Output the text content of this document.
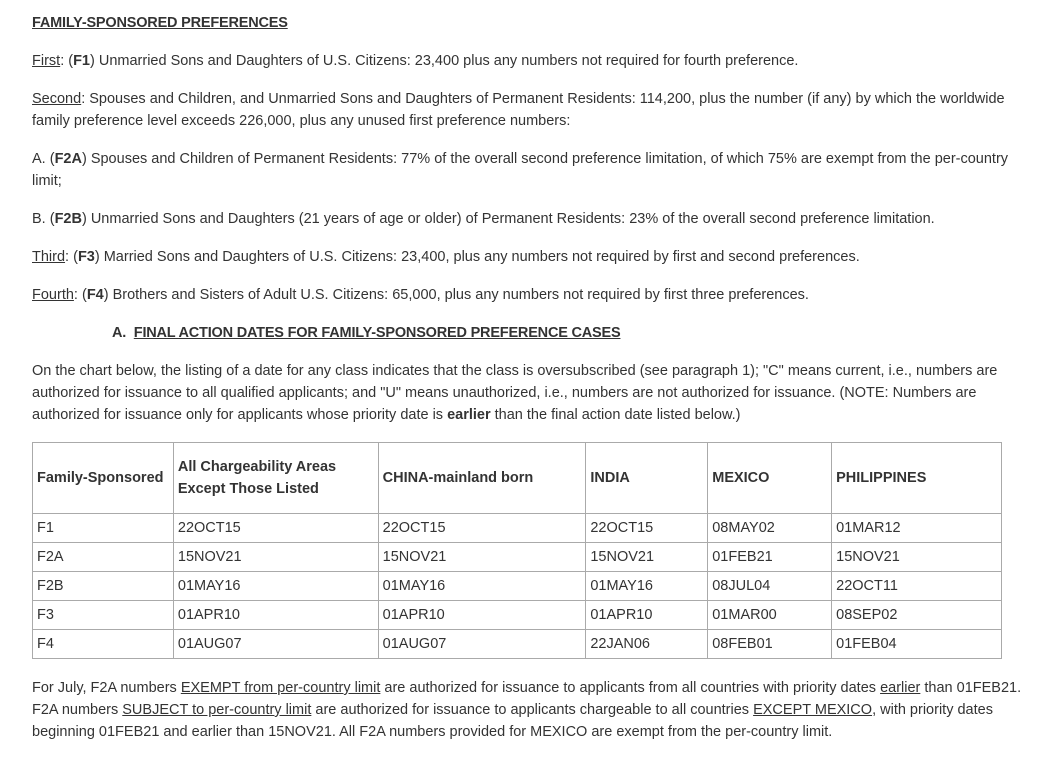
FAMILY-SPONSORED PREFERENCES

First: (F1) Unmarried Sons and Daughters of U.S. Citizens: 23,400 plus any numbers not required for fourth preference.

Second: Spouses and Children, and Unmarried Sons and Daughters of Permanent Residents: 114,200, plus the number (if any) by which the worldwide family preference level exceeds 226,000, plus any unused first preference numbers:

A. (F2A) Spouses and Children of Permanent Residents: 77% of the overall second preference limitation, of which 75% are exempt from the per-country limit;

B. (F2B) Unmarried Sons and Daughters (21 years of age or older) of Permanent Residents: 23% of the overall second preference limitation.

Third: (F3) Married Sons and Daughters of U.S. Citizens: 23,400, plus any numbers not required by first and second preferences.

Fourth: (F4) Brothers and Sisters of Adult U.S. Citizens: 65,000, plus any numbers not required by first three preferences.

A. FINAL ACTION DATES FOR FAMILY-SPONSORED PREFERENCE CASES

On the chart below, the listing of a date for any class indicates that the class is oversubscribed (see paragraph 1); "C" means current, i.e., numbers are authorized for issuance to all qualified applicants; and "U" means unauthorized, i.e., numbers are not authorized for issuance. (NOTE: Numbers are authorized for issuance only for applicants whose priority date is earlier than the final action date listed below.)

Family-Sponsored	All Chargeability Areas Except Those Listed	CHINA-mainland born	INDIA	MEXICO	PHILIPPINES
F1	22OCT15	22OCT15	22OCT15	08MAY02	01MAR12
F2A	15NOV21	15NOV21	15NOV21	01FEB21	15NOV21
F2B	01MAY16	01MAY16	01MAY16	08JUL04	22OCT11
F3	01APR10	01APR10	01APR10	01MAR00	08SEP02
F4	01AUG07	01AUG07	22JAN06	08FEB01	01FEB04

For July, F2A numbers EXEMPT from per-country limit are authorized for issuance to applicants from all countries with priority dates earlier than 01FEB21. F2A numbers SUBJECT to per-country limit are authorized for issuance to applicants chargeable to all countries EXCEPT MEXICO, with priority dates beginning 01FEB21 and earlier than 15NOV21. All F2A numbers provided for MEXICO are exempt from the per-country limit.
